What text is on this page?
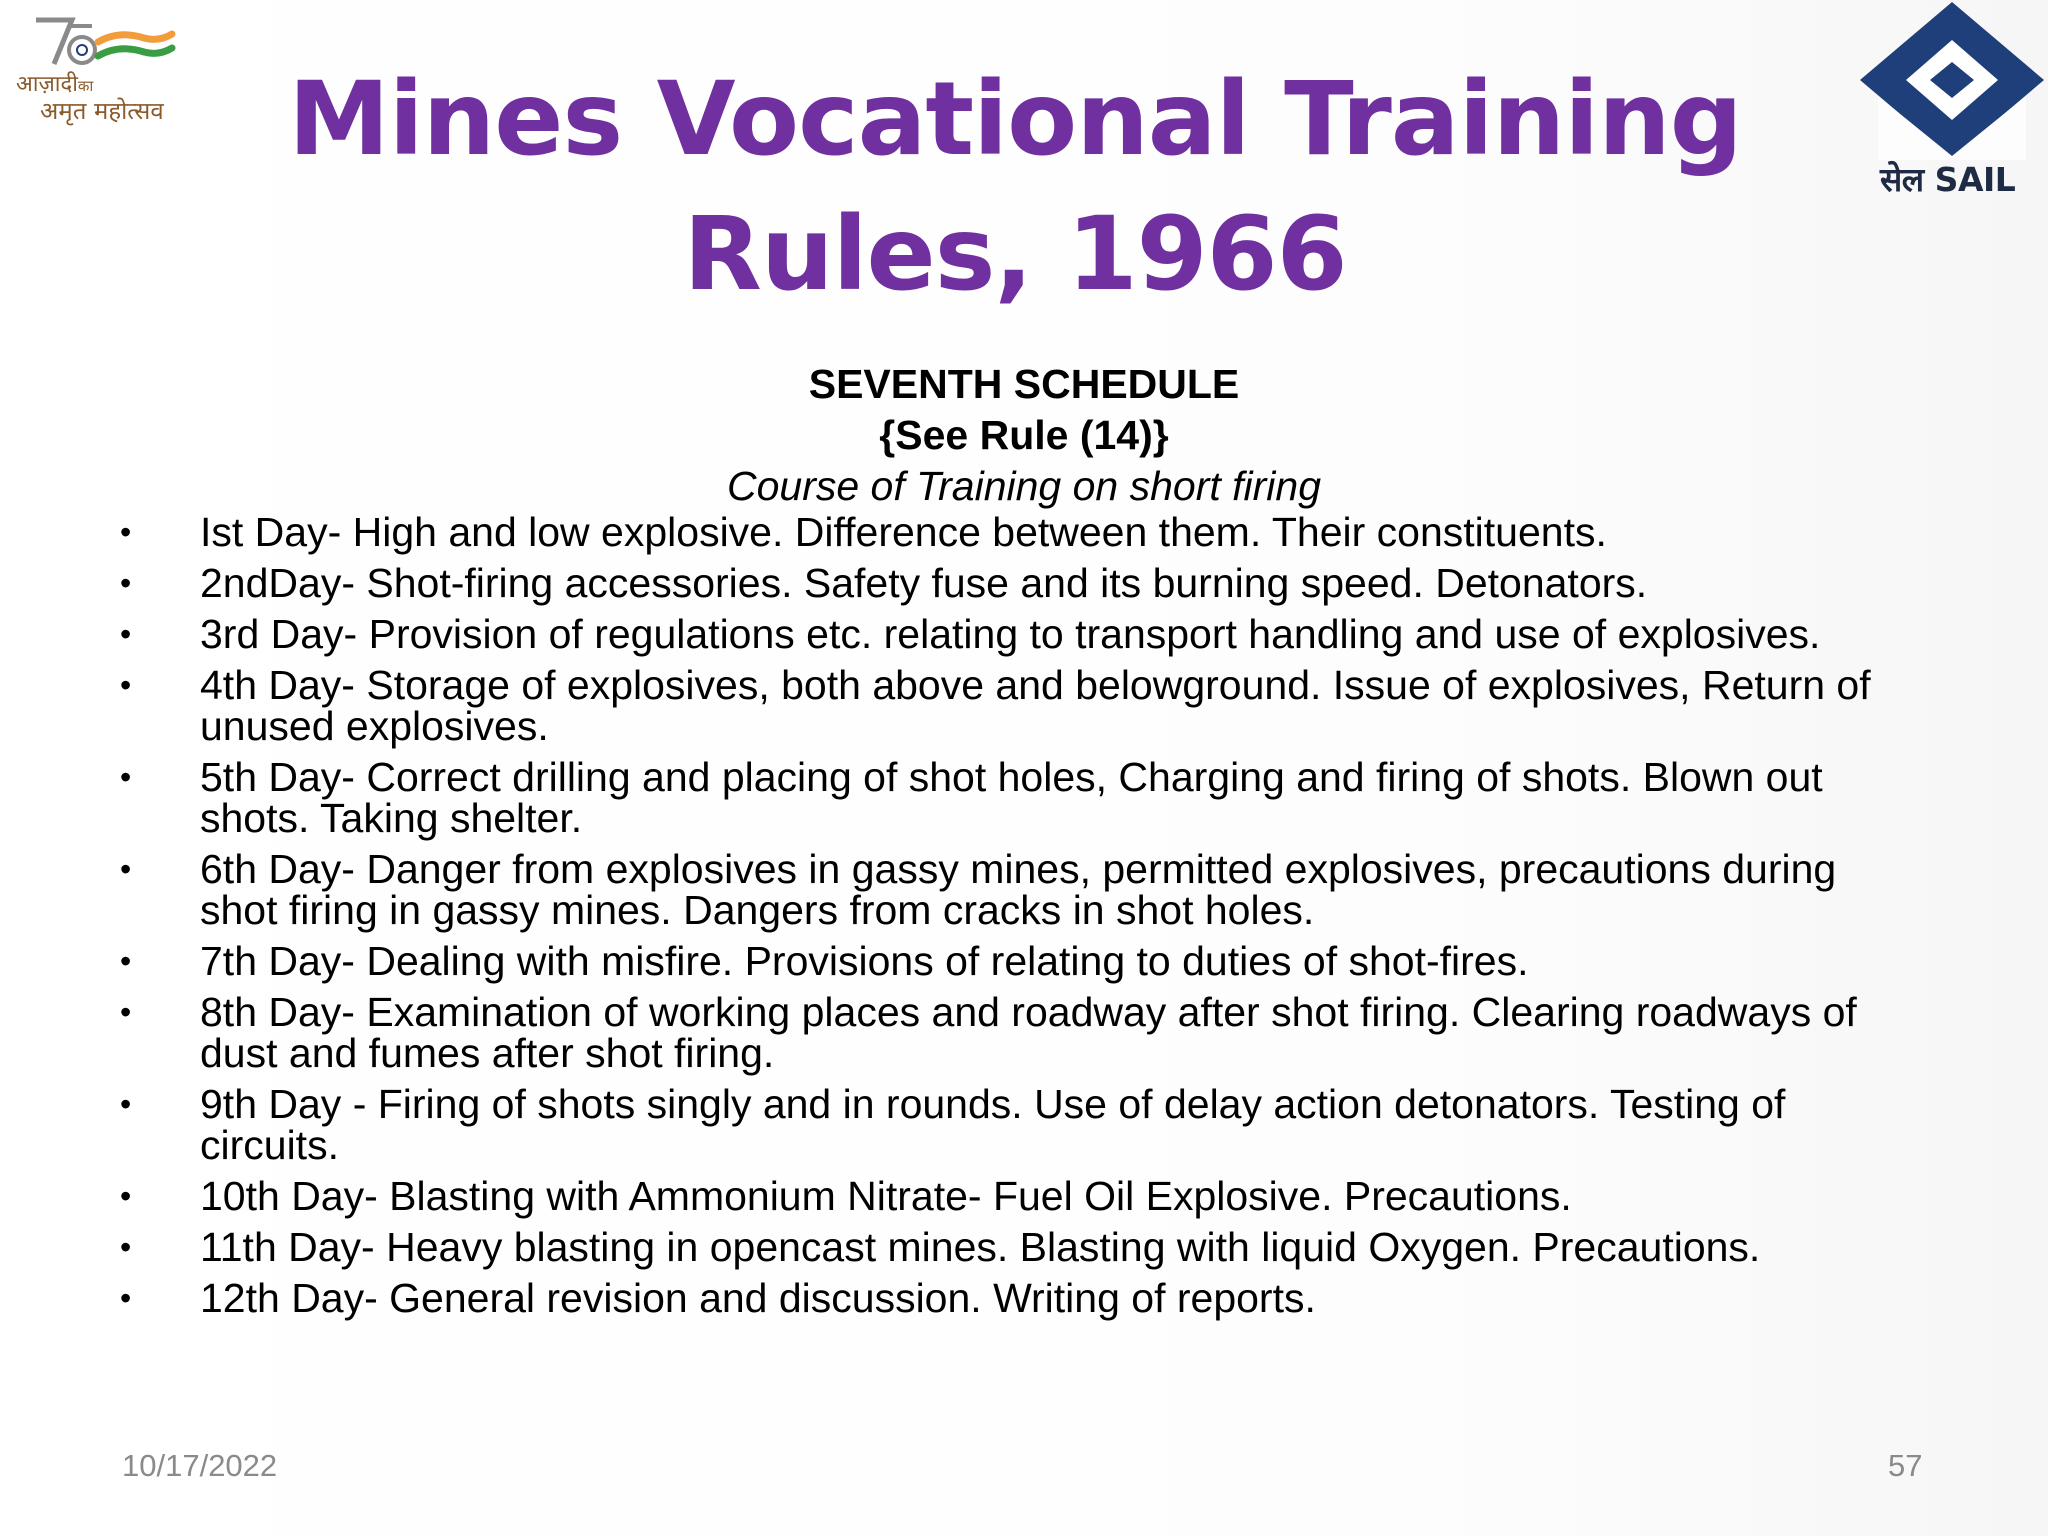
आज़ादीका
अमृत महोत्सव	Mines Vocational Training Rules, 1966
सेल SAIL
SEVENTH SCHEDULE
{See Rule (14)}
Course of Training on short firing
• Ist Day- High and low explosive. Difference between them. Their constituents.
• 2ndDay- Shot-firing accessories. Safety fuse and its burning speed. Detonators.
• 3rd Day- Provision of regulations etc. relating to transport handling and use of explosives.
• 4th Day- Storage of explosives, both above and belowground. Issue of explosives, Return of unused explosives.
• 5th Day- Correct drilling and placing of shot holes, Charging and firing of shots. Blown out shots. Taking shelter.
• 6th Day- Danger from explosives in gassy mines, permitted explosives, precautions during shot firing in gassy mines. Dangers from cracks in shot holes.
• 7th Day- Dealing with misfire. Provisions of relating to duties of shot-fires.
• 8th Day- Examination of working places and roadway after shot firing. Clearing roadways of dust and fumes after shot firing.
• 9th Day - Firing of shots singly and in rounds. Use of delay action detonators. Testing of circuits.
• 10th Day- Blasting with Ammonium Nitrate- Fuel Oil Explosive. Precautions.
• 11th Day- Heavy blasting in opencast mines. Blasting with liquid Oxygen. Precautions.
• 12th Day- General revision and discussion. Writing of reports.
10/17/2022	57
